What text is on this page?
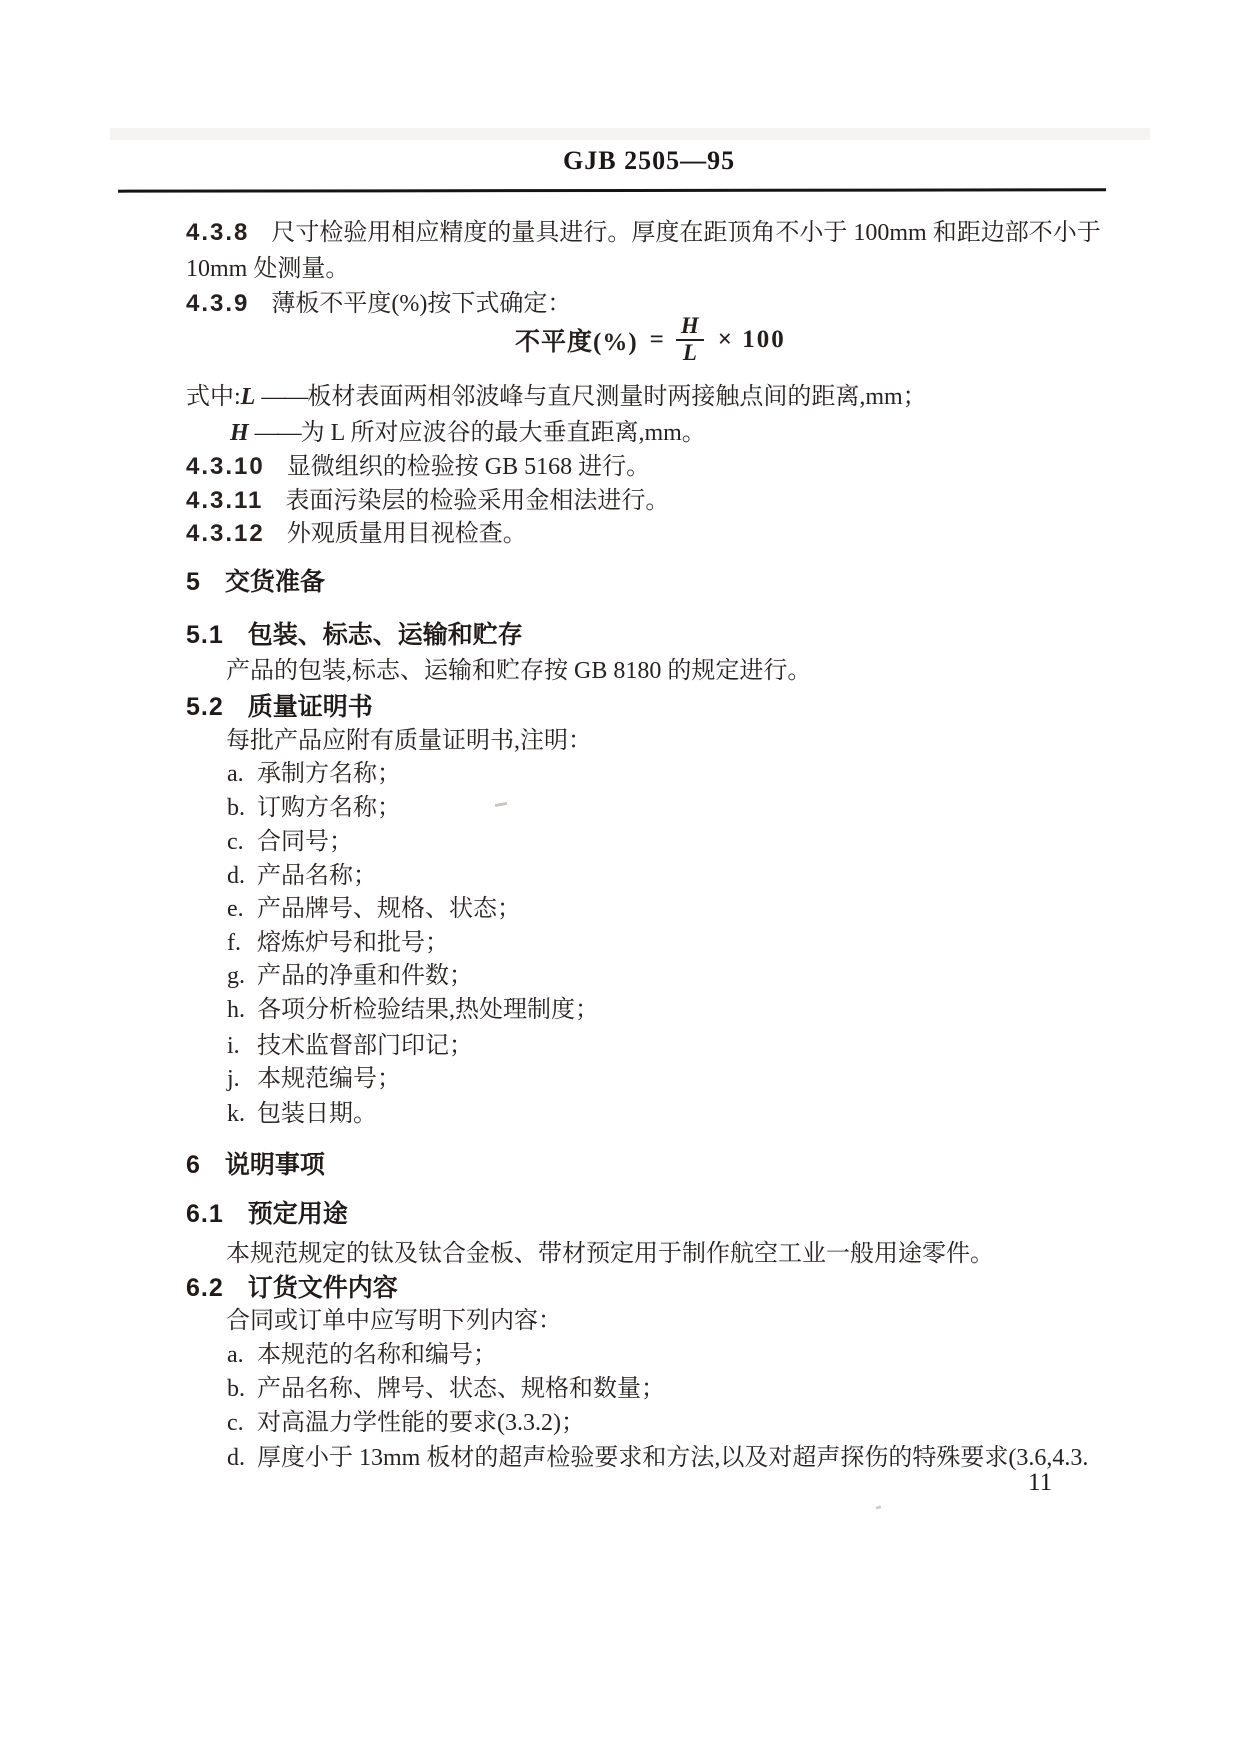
GJB 2505—95
4.3.8 尺寸检验用相应精度的量具进行。厚度在距顶角不小于 100mm 和距边部不小于
10mm 处测量。
4.3.9 薄板不平度(%)按下式确定：
不平度(%) = $\frac{H}{L} \times 100$
式中:L ——板材表面两相邻波峰与直尺测量时两接触点间的距离,mm；
H ——为 L 所对应波谷的最大垂直距离,mm。
4.3.10 显微组织的检验按 GB 5168 进行。
4.3.11 表面污染层的检验采用金相法进行。
4.3.12 外观质量用目视检查。
5 交货准备
5.1 包装、标志、运输和贮存
产品的包装,标志、运输和贮存按 GB 8180 的规定进行。
5.2 质量证明书
每批产品应附有质量证明书,注明：
a. 承制方名称；
b. 订购方名称；
c. 合同号；
d. 产品名称；
e. 产品牌号、规格、状态；
f. 熔炼炉号和批号；
g. 产品的净重和件数；
h. 各项分析检验结果,热处理制度；
i. 技术监督部门印记；
j. 本规范编号；
k. 包装日期。
6 说明事项
6.1 预定用途
本规范规定的钛及钛合金板、带材预定用于制作航空工业一般用途零件。
6.2 订货文件内容
合同或订单中应写明下列内容：
a. 本规范的名称和编号；
b. 产品名称、牌号、状态、规格和数量；
c. 对高温力学性能的要求(3.3.2)；
d. 厚度小于 13mm 板材的超声检验要求和方法,以及对超声探伤的特殊要求(3.6,4.3.
11
